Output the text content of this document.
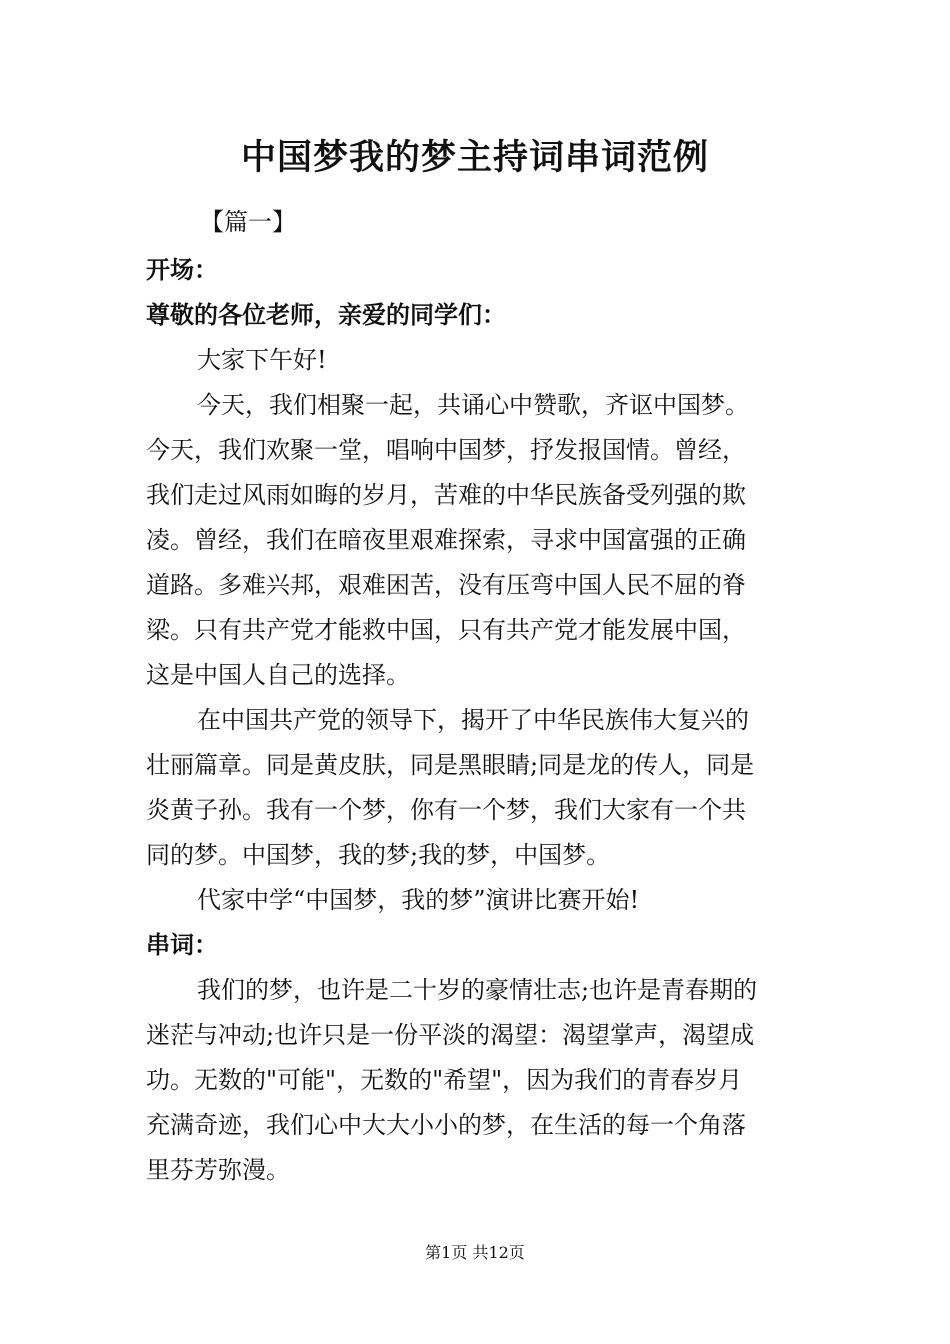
中国梦我的梦主持词串词范例
【篇一】
开场：
尊敬的各位老师，亲爱的同学们：
大家下午好!
今天，我们相聚一起，共诵心中赞歌，齐讴中国梦。
今天，我们欢聚一堂，唱响中国梦，抒发报国情。曾经，
我们走过风雨如晦的岁月，苦难的中华民族备受列强的欺
凌。曾经，我们在暗夜里艰难探索，寻求中国富强的正确
道路。多难兴邦，艰难困苦，没有压弯中国人民不屈的脊
梁。只有共产党才能救中国，只有共产党才能发展中国，
这是中国人自己的选择。
在中国共产党的领导下，揭开了中华民族伟大复兴的
壮丽篇章。同是黄皮肤，同是黑眼睛;同是龙的传人，同是
炎黄子孙。我有一个梦，你有一个梦，我们大家有一个共
同的梦。中国梦，我的梦;我的梦，中国梦。
代家中学“中国梦，我的梦”演讲比赛开始!
串词：
我们的梦，也许是二十岁的豪情壮志;也许是青春期的
迷茫与冲动;也许只是一份平淡的渴望：渴望掌声，渴望成
功。无数的"可能"，无数的"希望"，因为我们的青春岁月
充满奇迹，我们心中大大小小的梦，在生活的每一个角落
里芬芳弥漫。
第1页 共12页
